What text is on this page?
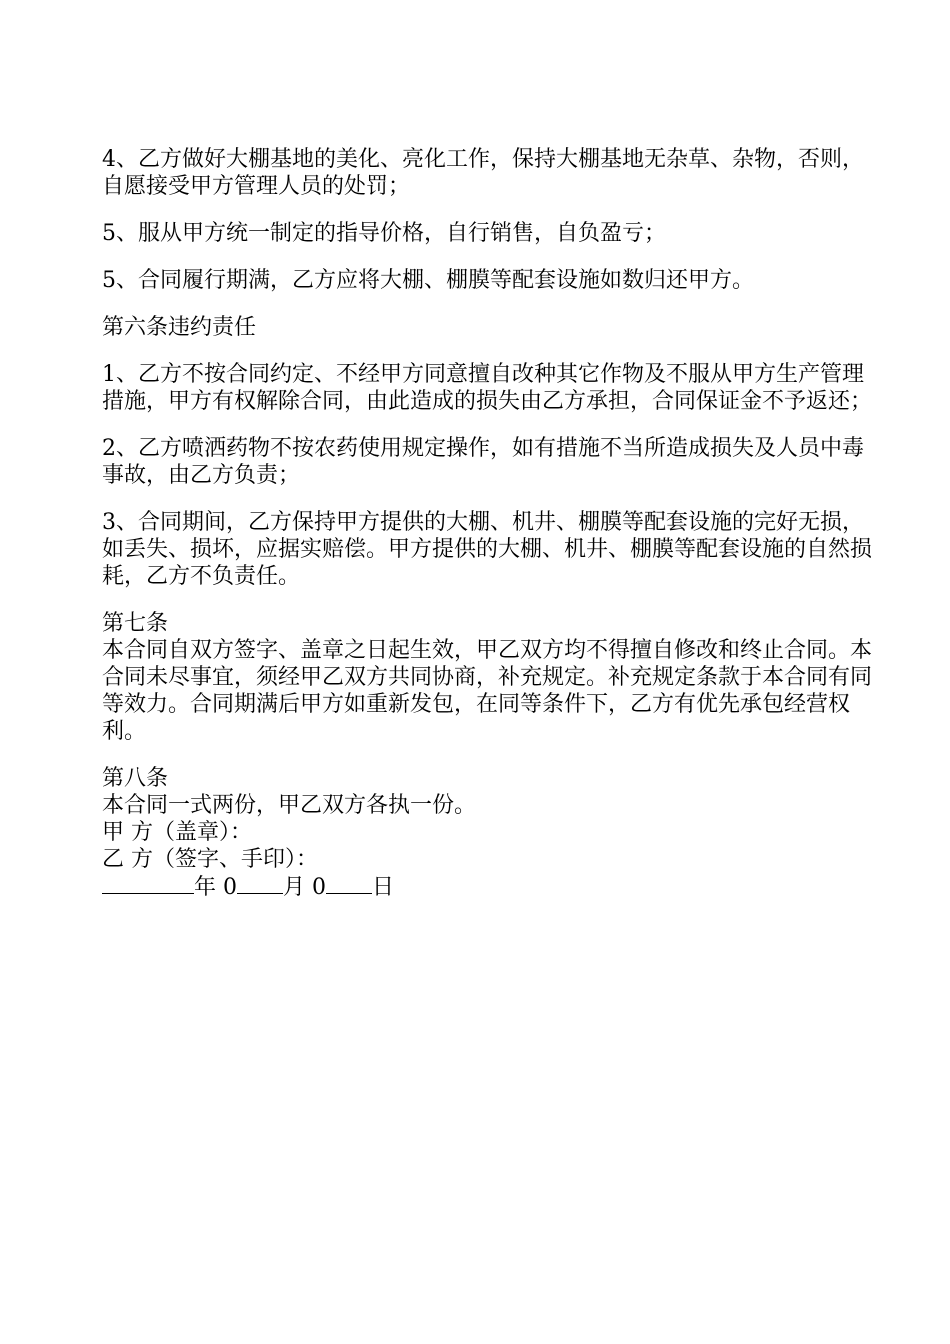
4、乙方做好大棚基地的美化、亮化工作，保持大棚基地无杂草、杂物，否则，自愿接受甲方管理人员的处罚；

5、服从甲方统一制定的指导价格，自行销售，自负盈亏；

5、合同履行期满，乙方应将大棚、棚膜等配套设施如数归还甲方。

第六条违约责任

1、乙方不按合同约定、不经甲方同意擅自改种其它作物及不服从甲方生产管理措施，甲方有权解除合同，由此造成的损失由乙方承担，合同保证金不予返还；

2、乙方喷洒药物不按农药使用规定操作，如有措施不当所造成损失及人员中毒事故，由乙方负责；

3、合同期间，乙方保持甲方提供的大棚、机井、棚膜等配套设施的完好无损，如丢失、损坏，应据实赔偿。甲方提供的大棚、机井、棚膜等配套设施的自然损耗，乙方不负责任。

第七条

本合同自双方签字、盖章之日起生效，甲乙双方均不得擅自修改和终止合同。本合同未尽事宜，须经甲乙双方共同协商，补充规定。补充规定条款于本合同有同等效力。合同期满后甲方如重新发包，在同等条件下，乙方有优先承包经营权利。

第八条

本合同一式两份，甲乙双方各执一份。

甲 方（盖章）：
乙 方（签字、手印）：
年 0 月 0 日
